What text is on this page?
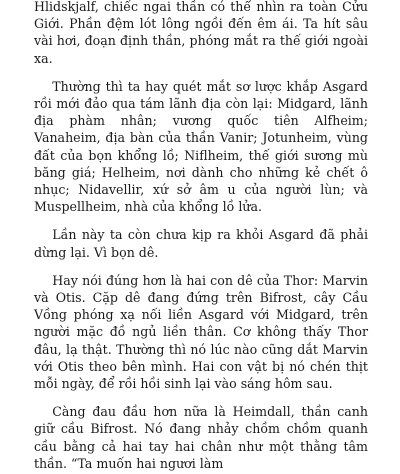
Hlidskjalf, chiếc ngai thần có thể nhìn ra toàn Cửu Giới. Phần đệm lót lông ngồi đến êm ái. Ta hít sâu vài hơi, đoạn định thần, phóng mắt ra thế giới ngoài xa.

Thường thì ta hay quét mắt sơ lược khắp Asgard rồi mới đảo qua tám lãnh địa còn lại: Midgard, lãnh địa phàm nhân; vương quốc tiên Alfheim; Vanaheim, địa bàn của thần Vanir; Jotunheim, vùng đất của bọn khổng lồ; Niflheim, thế giới sương mù băng giá; Helheim, nơi dành cho những kẻ chết ô nhục; Nidavellir, xứ sở âm u của người lùn; và Muspellheim, nhà của khổng lồ lửa.

Lần này ta còn chưa kịp ra khỏi Asgard đã phải dừng lại. Vì bọn dê.

Hay nói đúng hơn là hai con dê của Thor: Marvin và Otis. Cặp dê đang đứng trên Bifrost, cây Cầu Vồng phóng xạ nối liền Asgard với Midgard, trên người mặc đồ ngủ liền thân. Cơ không thấy Thor đâu, lạ thật. Thường thì nó lúc nào cũng dắt Marvin với Otis theo bên mình. Hai con vật bị nó chén thịt mỗi ngày, để rồi hồi sinh lại vào sáng hôm sau.

Càng đau đầu hơn nữa là Heimdall, thần canh giữ cầu Bifrost. Nó đang nhảy chồm chồm quanh cầu bằng cả hai tay hai chân như một thằng tâm thần. “Ta muốn hai ngươi làm
